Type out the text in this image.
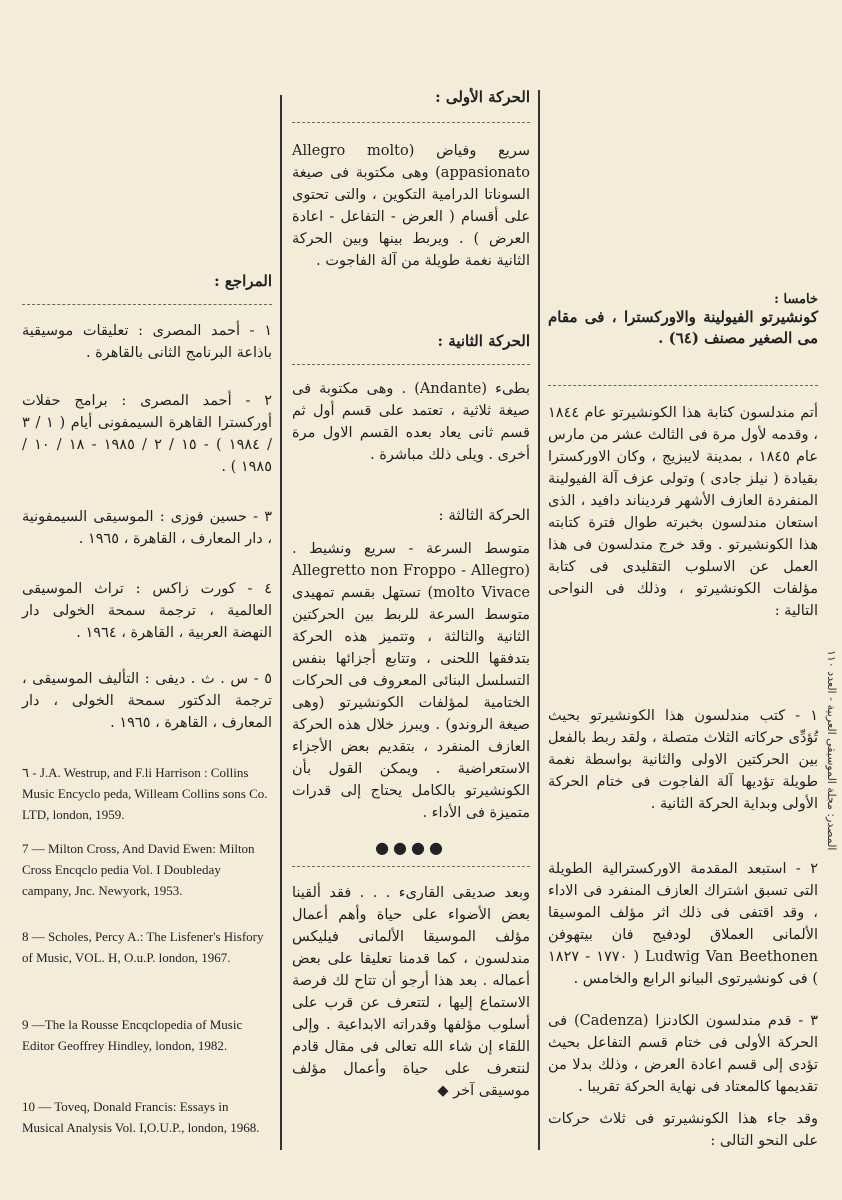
خامسا :

كونشيرتو الفيولينة والاوركسترا ، فى مقام مى الصغير مصنف (٦٤) .

أتم مندلسون كتابة هذا الكونشيرتو عام ١٨٤٤ ، وقدمه لأول مرة فى الثالث عشر من مارس عام ١٨٤٥ ، بمدينة لايبزيج ، وكان الاوركسترا بقيادة ( نيلز جادى ) وتولى عزف آلة الفيولينة المنفردة العازف الأشهر فردیناند دافید ، الذى استعان مندلسون بخبرته طوال فترة كتابته هذا الكونشيرتو . وقد خرج مندلسون فى هذا العمل عن الاسلوب التقليدى فى كتابة مؤلفات الكونشيرتو ، وذلك فى النواحى التالية :

١ - كتب مندلسون هذا الكونشيرتو بحيث تُؤدِّى حركاته الثلاث متصلة ، ولقد ربط بالفعل بين الحركتين الاولى والثانية بواسطة نغمة طويلة تؤديها آلة الفاجوت فى ختام الحركة الأولى وبداية الحركة الثانية .

٢ - استبعد المقدمة الاوركسترالية الطويلة التى تسبق اشتراك العازف المنفرد فى الاداء ، وقد اقتفى فى ذلك اثر مؤلف الموسيقا الألمانى العملاق لودفيج فان بيتهوفن Ludwig Van Beethonen ( ١٧٧٠ - ١٨٢٧ ) فى كونشيرتوى البيانو الرابع والخامس .

٣ - قدم مندلسون الكادنزا (Cadenza) فى الحركة الأولى فى ختام قسم التفاعل بحيث تؤدى إلى قسم اعادة العرض ، وذلك بدلا من تقديمها كالمعتاد فى نهاية الحركة تقريبا .

وقد جاء هذا الكونشيرتو فى ثلاث حركات على النحو التالى :

الحركة الأولى :

سريع وفياض (Allegro molto appasionato) وهى مكتوبة فى صيغة السوناتا الدرامية التكوين ، والتى تحتوى على أقسام ( العرض - التفاعل - اعادة العرض ) . ويربط بينها وبين الحركة الثانية نغمة طويلة من آلة الفاجوت .

الحركة الثانية :

بطىء (Andante) . وهى مكتوبة فى صيغة ثلاثية ، تعتمد على قسم أول ثم قسم ثانى يعاد بعده القسم الاول مرة أخرى . ويلى ذلك مباشرة .

الحركة الثالثة :

متوسط السرعة - سريع ونشيط . (Allegretto non Froppo - Allegro molto Vivace) تستهل بقسم تمهيدى متوسط السرعة للربط بين الحركتين الثانية والثالثة ، وتتميز هذه الحركة بتدفقها اللحنى ، وتتابع أجزائها بنفس التسلسل البنائى المعروف فى الحركات الختامية لمؤلفات الكونشيرتو (وهى صيغة الروندو) . ويبرز خلال هذه الحركة العازف المنفرد ، بتقديم بعض الأجزاء الاستعراضية . ويمكن القول بأن الكونشيرتو بالكامل يحتاج إلى قدرات متميزة فى الأداء .

●●●●

وبعد صديقى القارىء . . . فقد ألقينا بعض الأضواء على حياة وأهم أعمال مؤلف الموسيقا الألمانى فيليكس مندلسون ، كما قدمنا تعليقا على بعض أعماله . بعد هذا أرجو أن تتاح لك فرصة الاستماع إليها ، لتتعرف عن قرب على أسلوب مؤلفها وقدراته الابداعية . وإلى اللقاء إن شاء الله تعالى فى مقال قادم لنتعرف على حياة وأعمال مؤلف موسيقى آخر ◆

المراجع :

١ - أحمد المصرى : تعليقات موسيقية باذاعة البرنامج الثانى بالقاهرة .

٢ - أحمد المصرى : برامج حفلات أوركسترا القاهرة السيمفونى أيام ( ١ / ٣ / ١٩٨٤ ) - ١٥ / ٢ / ١٩٨٥ - ١٨ / ١٠ / ١٩٨٥ ) .

٣ - حسين فوزى : الموسيقى السيمفونية ، دار المعارف ، القاهرة ، ١٩٦٥ .

٤ - كورت زاكس : تراث الموسيقى العالمية ، ترجمة سمحة الخولى دار النهضة العربية ، القاهرة ، ١٩٦٤ .

٥ - س . ث . ديفى : التأليف الموسيقى ، ترجمة الدكتور سمحة الخولى ، دار المعارف ، القاهرة ، ١٩٦٥ .

٦ - J.A. Westrup, and F.li Harrison : Collins Music Encyclo peda, Willeam Collins sons Co. LTD, london, 1959.

7 — Milton Cross, And David Ewen: Milton Cross Encqclo pedia Vol. I Doubleday campany, Jnc. Newyork, 1953.

8 — Scholes, Percy A.: The Lisfener's Hisfory of Music, VOL. H, O.u.P. london, 1967.

9 —The la Rousse Encqclopedia of Music Editor Geoffrey Hindley, london, 1982.

10 — Toveq, Donald Francis: Essays in Musical Analysis Vol. I,O.U.P., london, 1968.

المصدر: مجلة الموسيقى العربية - العدد ١١٠
